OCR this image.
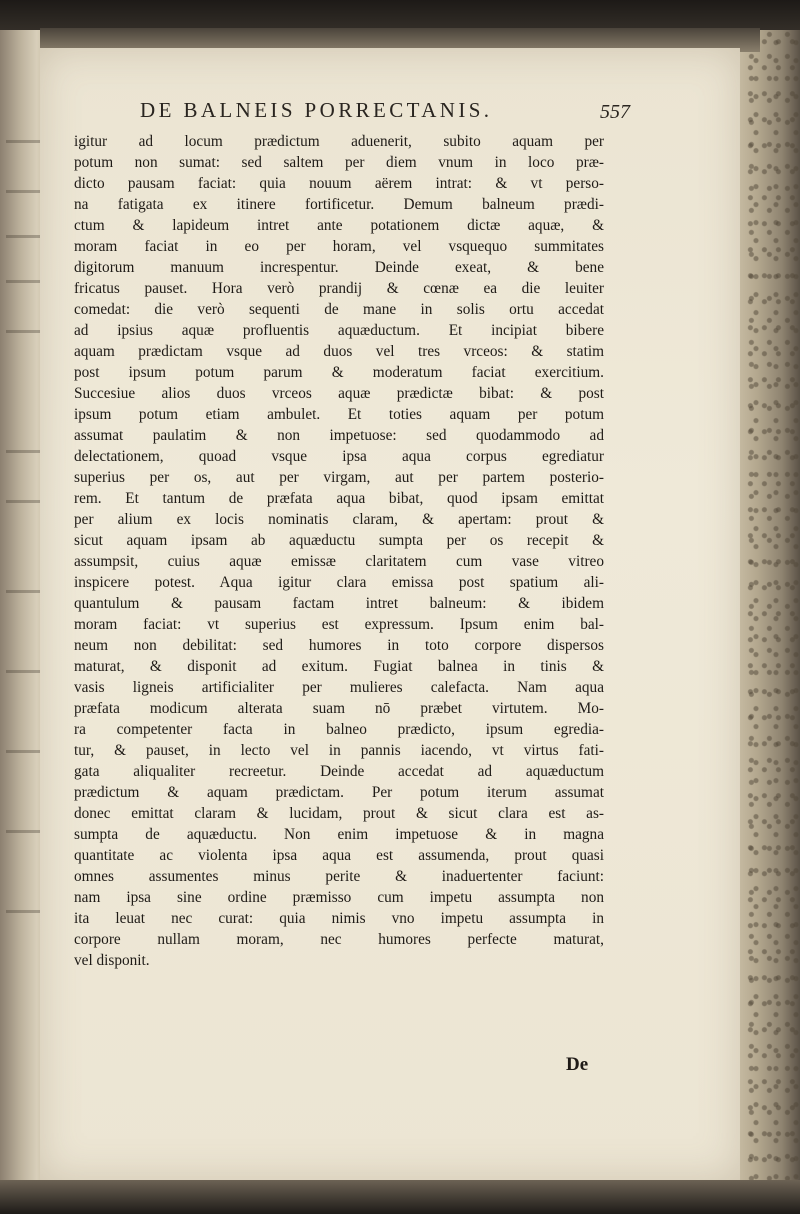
DE BALNEIS PORRECTANIS.	557
igitur ad locum prædictum aduenerit, subito aquam per
potum non sumat: sed saltem per diem vnum in loco præ-
dicto pausam faciat: quia nouum aërem intrat: & vt perso-
na fatigata ex itinere fortificetur. Demum balneum prædi-
ctum & lapideum intret ante potationem dictæ aquæ, &
moram faciat in eo per horam, vel vsquequo summitates
digitorum manuum increspentur. Deinde exeat, & bene
fricatus pauset. Hora verò prandij & cœnæ ea die leuiter
comedat: die verò sequenti de mane in solis ortu accedat
ad ipsius aquæ profluentis aquæductum. Et incipiat bibere
aquam prædictam vsque ad duos vel tres vrceos: & statim
post ipsum potum parum & moderatum faciat exercitium.
Succesiue alios duos vrceos aquæ prædictæ bibat: & post
ipsum potum etiam ambulet. Et toties aquam per potum
assumat paulatim & non impetuose: sed quodammodo ad
delectationem, quoad vsque ipsa aqua corpus egrediatur
superius per os, aut per virgam, aut per partem posterio-
rem. Et tantum de præfata aqua bibat, quod ipsam emittat
per alium ex locis nominatis claram, & apertam: prout &
sicut aquam ipsam ab aquæductu sumpta per os recepit &
assumpsit, cuius aquæ emissæ claritatem cum vase vitreo
inspicere potest. Aqua igitur clara emissa post spatium ali-
quantulum & pausam factam intret balneum: & ibidem
moram faciat: vt superius est expressum. Ipsum enim bal-
neum non debilitat: sed humores in toto corpore dispersos
maturat, & disponit ad exitum. Fugiat balnea in tinis &
vasis ligneis artificialiter per mulieres calefacta. Nam aqua
præfata modicum alterata suam nō præbet virtutem. Mo-
ra competenter facta in balneo prædicto, ipsum egredia-
tur, & pauset, in lecto vel in pannis iacendo, vt virtus fati-
gata aliqualiter recreetur. Deinde accedat ad aquæductum
prædictum & aquam prædictam. Per potum iterum assumat
donec emittat claram & lucidam, prout & sicut clara est as-
sumpta de aquæductu. Non enim impetuose & in magna
quantitate ac violenta ipsa aqua est assumenda, prout quasi
omnes assumentes minus perite & inaduertenter faciunt:
nam ipsa sine ordine præmisso cum impetu assumpta non
ita leuat nec curat: quia nimis vno impetu assumpta in
corpore nullam moram, nec humores perfecte maturat,
vel disponit.
De
